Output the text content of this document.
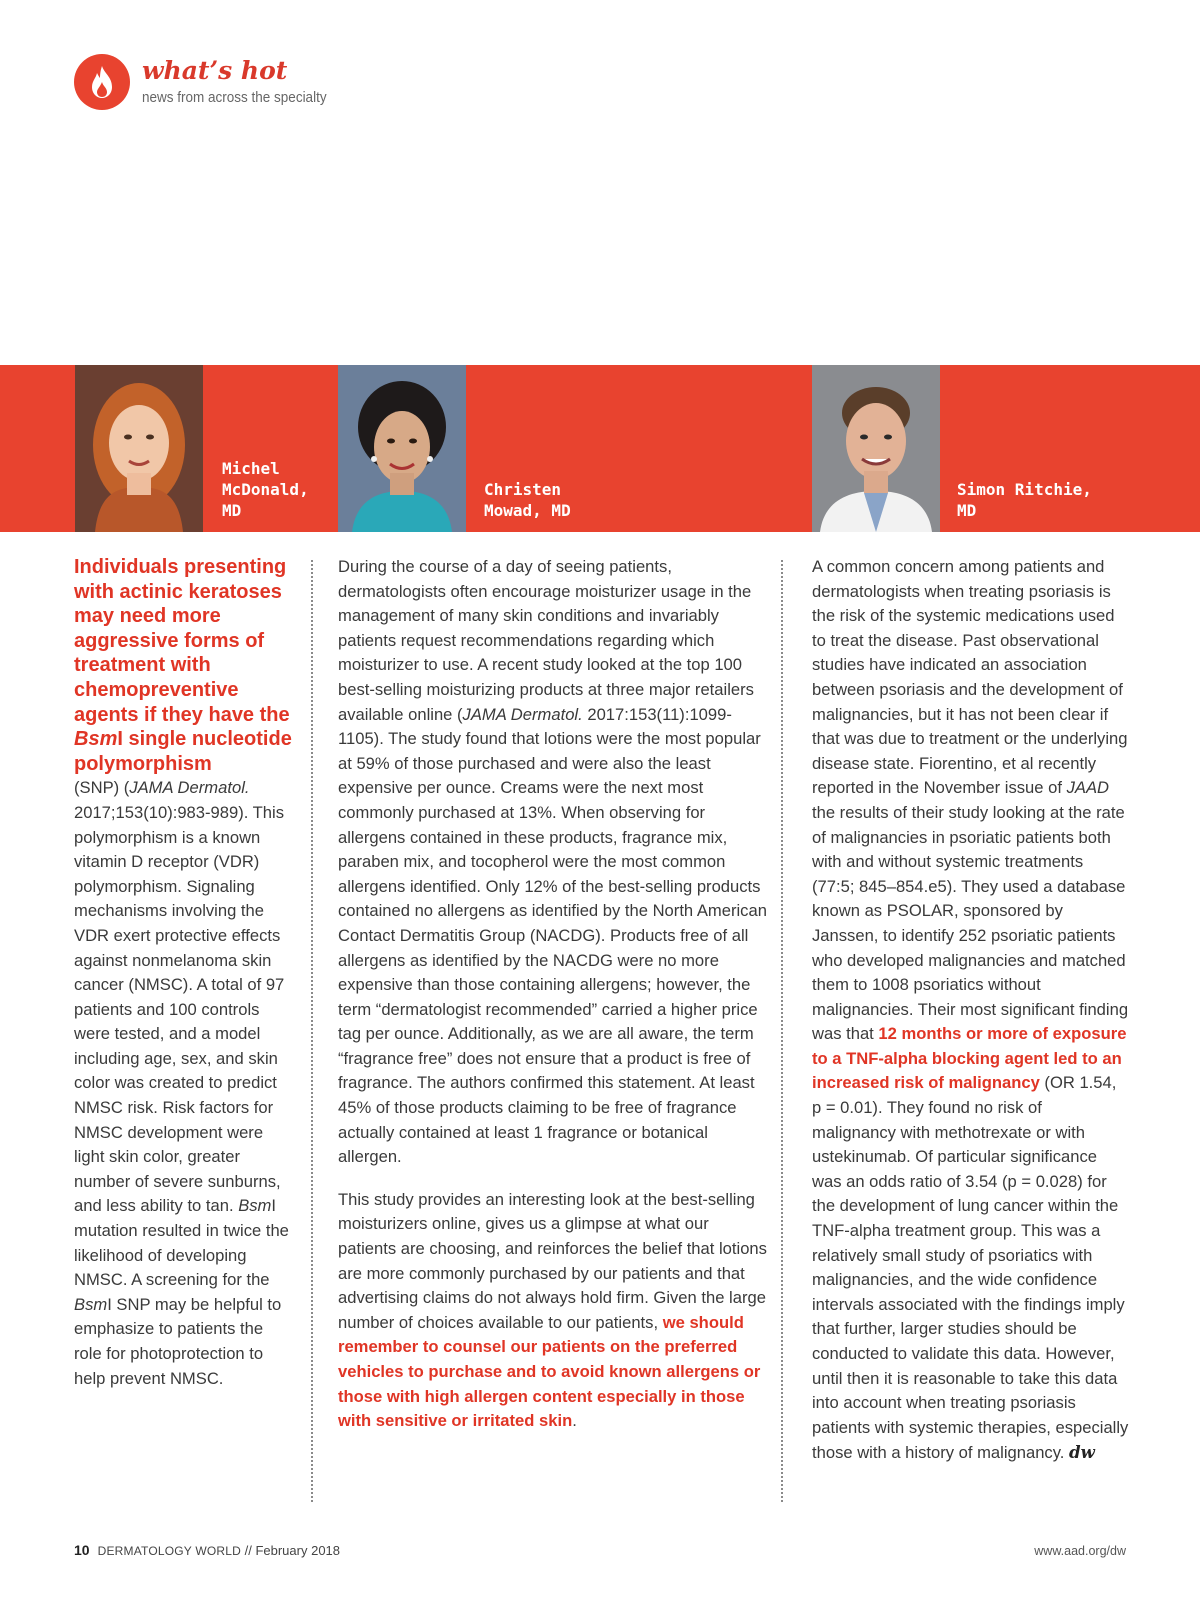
what’s hot
news from across the specialty
Michel
McDonald,
MD
Christen
Mowad, MD
Simon Ritchie,
MD

Individuals presenting with actinic keratoses may need more aggressive forms of treatment with chemopreventive agents if they have the BsmI single nucleotide polymorphism
(SNP) (JAMA Dermatol. 2017;153(10):983-989). This polymorphism is a known vitamin D receptor (VDR) polymorphism. Signaling mechanisms involving the VDR exert protective effects against nonmelanoma skin cancer (NMSC). A total of 97 patients and 100 controls were tested, and a model including age, sex, and skin color was created to predict NMSC risk. Risk factors for NMSC development were light skin color, greater number of severe sunburns, and less ability to tan. BsmI mutation resulted in twice the likelihood of developing NMSC. A screening for the BsmI SNP may be helpful to emphasize to patients the role for photoprotection to help prevent NMSC.

During the course of a day of seeing patients, dermatologists often encourage moisturizer usage in the management of many skin conditions and invariably patients request recommendations regarding which moisturizer to use. A recent study looked at the top 100 best-selling moisturizing products at three major retailers available online (JAMA Dermatol. 2017:153(11):1099-1105). The study found that lotions were the most popular at 59% of those purchased and were also the least expensive per ounce. Creams were the next most commonly purchased at 13%. When observing for allergens contained in these products, fragrance mix, paraben mix, and tocopherol were the most common allergens identified. Only 12% of the best-selling products contained no allergens as identified by the North American Contact Dermatitis Group (NACDG). Products free of all allergens as identified by the NACDG were no more expensive than those containing allergens; however, the term “dermatologist recommended” carried a higher price tag per ounce. Additionally, as we are all aware, the term “fragrance free” does not ensure that a product is free of fragrance. The authors confirmed this statement. At least 45% of those products claiming to be free of fragrance actually contained at least 1 fragrance or botanical allergen.

This study provides an interesting look at the best-selling moisturizers online, gives us a glimpse at what our patients are choosing, and reinforces the belief that lotions are more commonly purchased by our patients and that advertising claims do not always hold firm. Given the large number of choices available to our patients, we should remember to counsel our patients on the preferred vehicles to purchase and to avoid known allergens or those with high allergen content especially in those with sensitive or irritated skin.

A common concern among patients and dermatologists when treating psoriasis is the risk of the systemic medications used to treat the disease. Past observational studies have indicated an association between psoriasis and the development of malignancies, but it has not been clear if that was due to treatment or the underlying disease state. Fiorentino, et al recently reported in the November issue of JAAD the results of their study looking at the rate of malignancies in psoriatic patients both with and without systemic treatments (77:5; 845–854.e5). They used a database known as PSOLAR, sponsored by Janssen, to identify 252 psoriatic patients who developed malignancies and matched them to 1008 psoriatics without malignancies. Their most significant finding was that 12 months or more of exposure to a TNF-alpha blocking agent led to an increased risk of malignancy (OR 1.54, p = 0.01). They found no risk of malignancy with methotrexate or with ustekinumab. Of particular significance was an odds ratio of 3.54 (p = 0.028) for the development of lung cancer within the TNF-alpha treatment group. This was a relatively small study of psoriatics with malignancies, and the wide confidence intervals associated with the findings imply that further, larger studies should be conducted to validate this data. However, until then it is reasonable to take this data into account when treating psoriasis patients with systemic therapies, especially those with a history of malignancy. dw

10 DERMATOLOGY WORLD // February 2018	www.aad.org/dw
